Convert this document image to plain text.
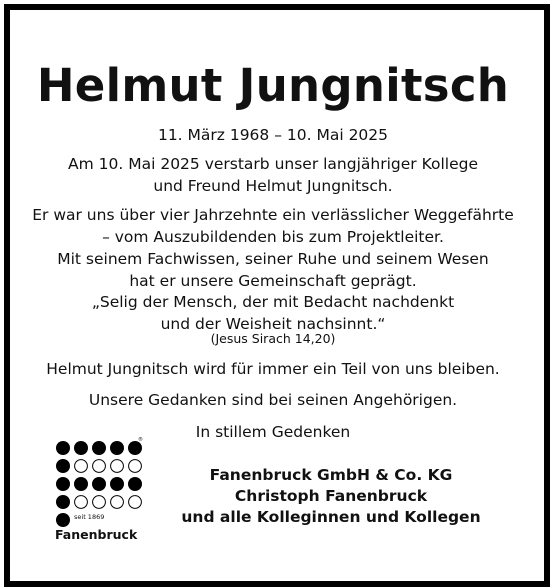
Helmut Jungnitsch
11. März 1968 – 10. Mai 2025
Am 10. Mai 2025 verstarb unser langjähriger Kollege
und Freund Helmut Jungnitsch.
Er war uns über vier Jahrzehnte ein verlässlicher Weggefährte
– vom Auszubildenden bis zum Projektleiter.
Mit seinem Fachwissen, seiner Ruhe und seinem Wesen
hat er unsere Gemeinschaft geprägt.
„Selig der Mensch, der mit Bedacht nachdenkt
und der Weisheit nachsinnt.“
(Jesus Sirach 14,20)
Helmut Jungnitsch wird für immer ein Teil von uns bleiben.
Unsere Gedanken sind bei seinen Angehörigen.
In stillem Gedenken
Fanenbruck GmbH & Co. KG
Christoph Fanenbruck
und alle Kolleginnen und Kollegen
®
seit 1869
Fanenbruck
